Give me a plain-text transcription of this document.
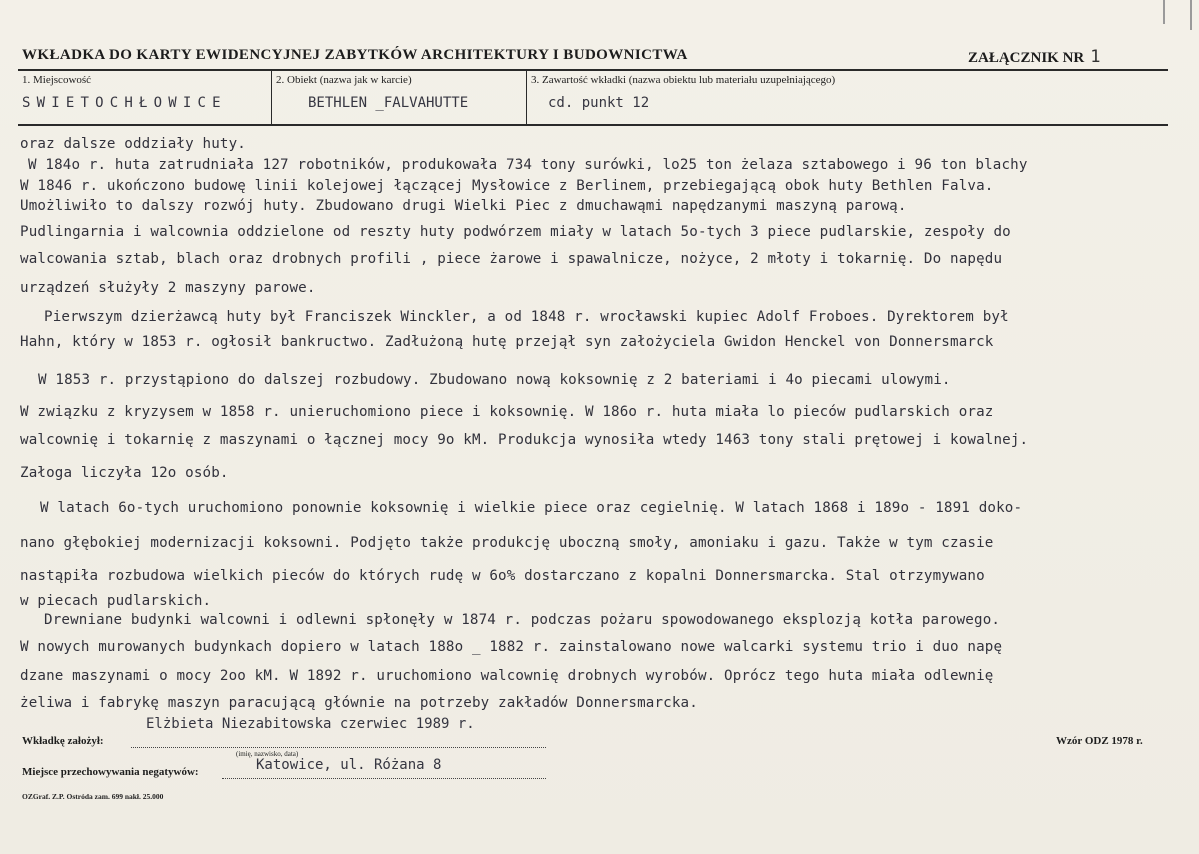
WKŁADKA DO KARTY EWIDENCYJNEJ ZABYTKÓW ARCHITEKTURY I BUDOWNICTWA	ZAŁĄCZNIK NR 1
1. Miejscowość	2. Obiekt (nazwa jak w karcie)	3. Zawartość wkładki (nazwa obiektu lub materiału uzupełniającego)
SWIETOCHŁOWICE	BETHLEN _FALVAHUTTE	cd. punkt 12
oraz dalsze oddziały huty.
W 184o r. huta zatrudniała 127 robotników, produkowała 734 tony surówki, lo25 ton żelaza sztabowego i 96 ton blachy
W 1846 r. ukończono budowę linii kolejowej łączącej Mysłowice z Berlinem, przebiegającą obok huty Bethlen Falva.
Umożliwiło to dalszy rozwój huty. Zbudowano drugi Wielki Piec z dmuchawąmi napędzanymi maszyną parową.
Pudlingarnia i walcownia oddzielone od reszty huty podwórzem miały w latach 5o-tych 3 piece pudlarskie, zespoły do
walcowania sztab, blach oraz drobnych profili , piece żarowe i spawalnicze, nożyce, 2 młoty i tokarnię. Do napędu
urządzeń służyły 2 maszyny parowe.
Pierwszym dzierżawcą huty był Franciszek Winckler, a od 1848 r. wrocławski kupiec Adolf Froboes. Dyrektorem był
Hahn, który w 1853 r. ogłosił bankructwo. Zadłużoną hutę przejął syn założyciela Gwidon Henckel von Donnersmarck
W 1853 r. przystąpiono do dalszej rozbudowy. Zbudowano nową koksownię z 2 bateriami i 4o piecami ulowymi.
W związku z kryzysem w 1858 r. unieruchomiono piece i koksownię. W 186o r. huta miała lo pieców pudlarskich oraz
walcownię i tokarnię z maszynami o łącznej mocy 9o kM. Produkcja wynosiła wtedy 1463 tony stali prętowej i kowalnej.
Załoga liczyła 12o osób.
W latach 6o-tych uruchomiono ponownie koksownię i wielkie piece oraz cegielnię. W latach 1868 i 189o - 1891 doko-
nano głębokiej modernizacji koksowni. Podjęto także produkcję uboczną smoły, amoniaku i gazu. Także w tym czasie
nastąpiła rozbudowa wielkich pieców do których rudę w 6o% dostarczano z kopalni Donnersmarcka. Stal otrzymywano
w piecach pudlarskich.
Drewniane budynki walcowni i odlewni spłonęły w 1874 r. podczas pożaru spowodowanego eksplozją kotła parowego.
W nowych murowanych budynkach dopiero w latach 188o _ 1882 r. zainstalowano nowe walcarki systemu trio i duo napę
dzane maszynami o mocy 2oo kM. W 1892 r. uruchomiono walcownię drobnych wyrobów. Oprócz tego huta miała odlewnię
żeliwa i fabrykę maszyn paracującą głównie na potrzeby zakładów Donnersmarcka.
Wkładkę założył:
Elżbieta Niezabitowska czerwiec 1989 r.
(imię, nazwisko, data)
Wzór ODZ 1978 r.
Miejsce przechowywania negatywów:	Katowice, ul. Różana 8
OZGraf. Z.P. Ostróda zam. 699 nakł. 25.000
